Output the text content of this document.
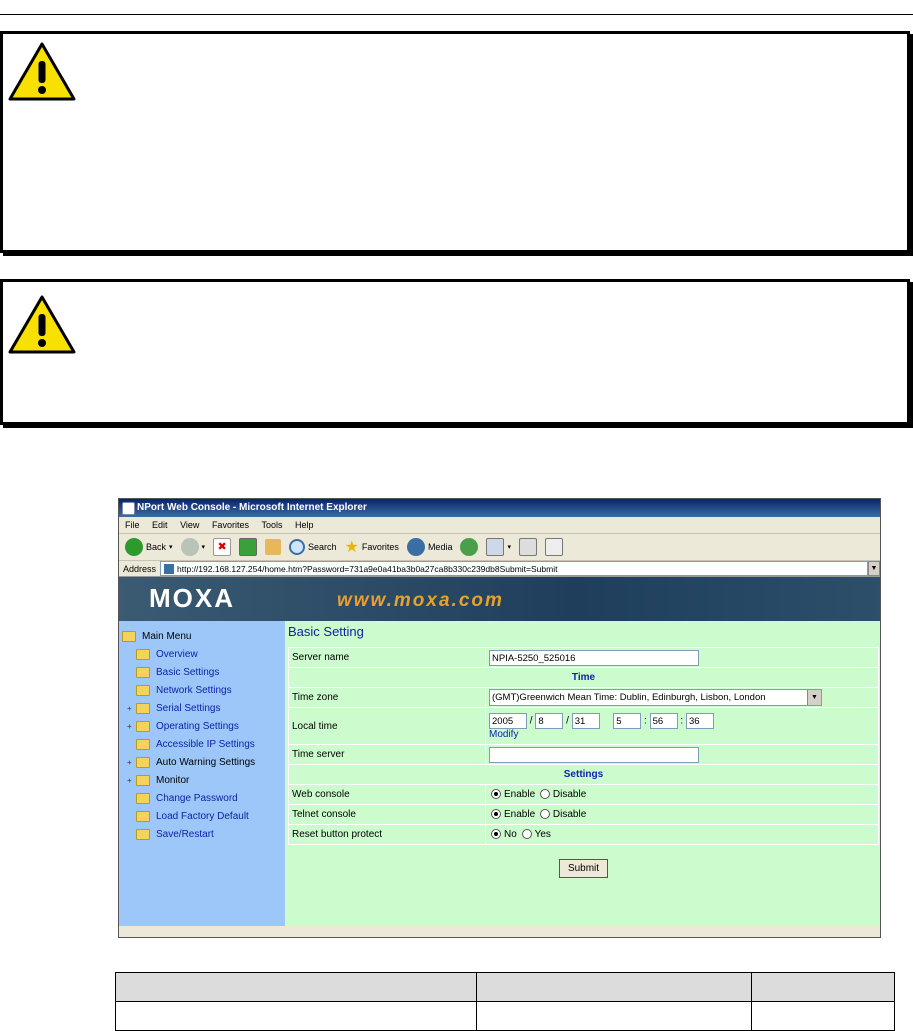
NPort Web Console - Microsoft Internet Explorer
File Edit View Favorites Tools Help
Back ▾	▾	✖	Search ★ Favorites	Media	▾
Address http://192.168.127.254/home.htm?Password=731a9e0a41ba3b0a27ca8b330c239db8Submit=Submit	▼
MOXA	www.moxa.com
Main Menu
Overview
Basic Settings
Network Settings
+	Serial Settings
+	Operating Settings
Accessible IP Settings
+	Auto Warning Settings
+	Monitor
Change Password
Load Factory Default
Save/Restart
Basic Setting
Server name	NPIA-5250_525016
Time	
Time zone	(GMT)Greenwich Mean Time: Dublin, Edinburgh, Lisbon, London ▼

Local time	2005 / 8 / 31 5 : 56 : 36
Modify

Time server	
Settings	
Web console	Enable Disable
Telnet console	Enable Disable
Reset button protect	No Yes
Submit
